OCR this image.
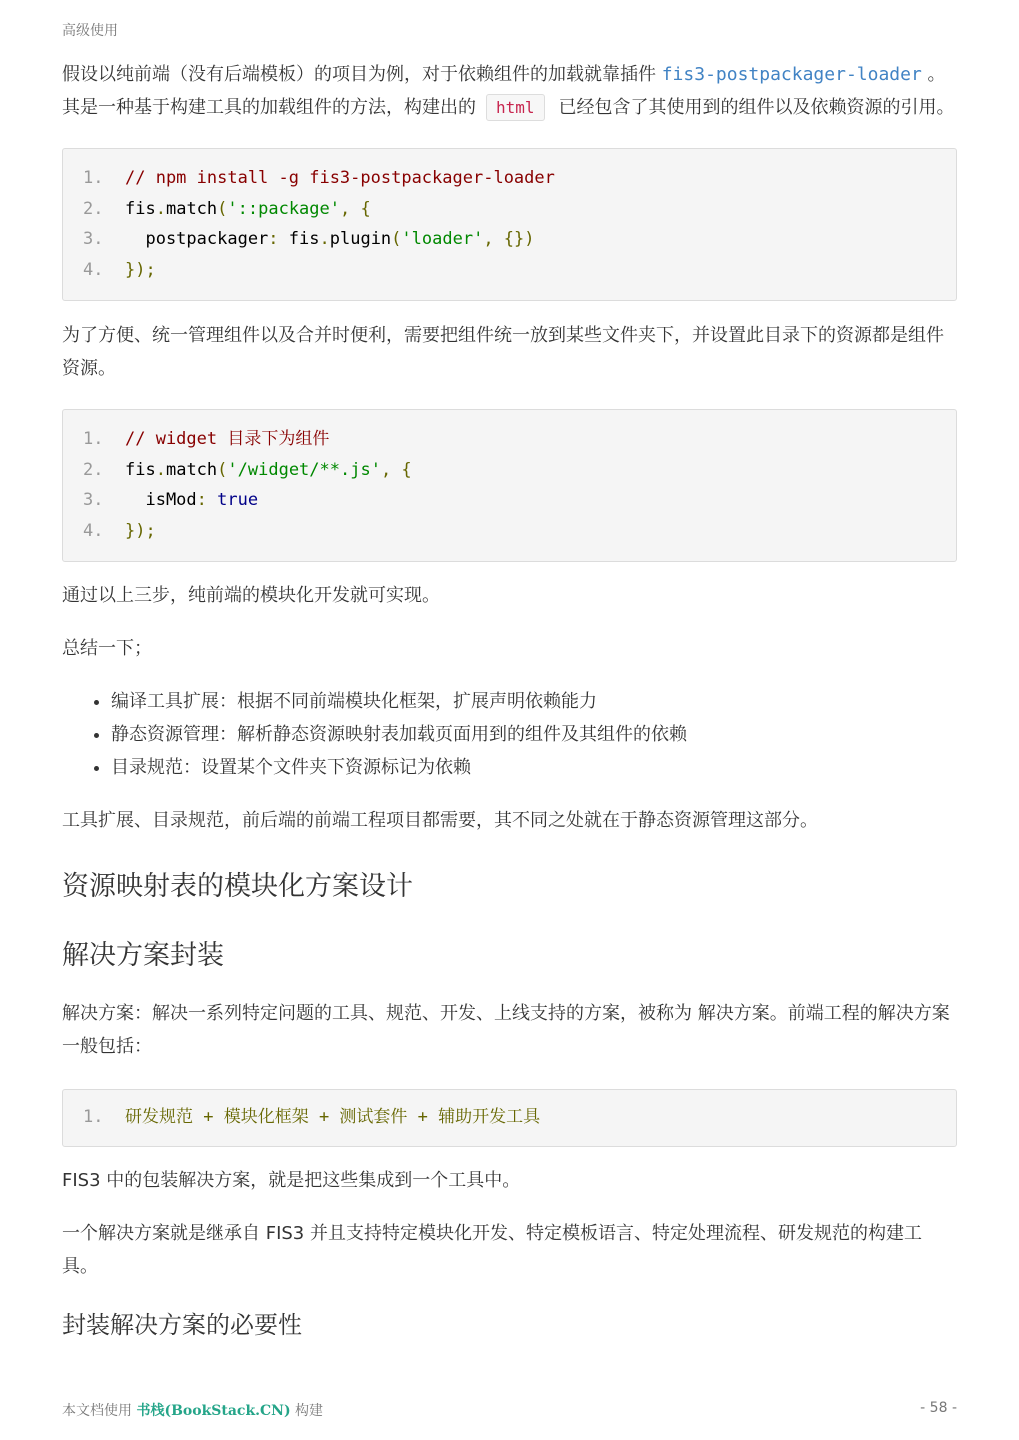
高级使用

假设以纯前端（没有后端模板）的项目为例，对于依赖组件的加载就靠插件 fis3-postpackager-loader 。其是一种基于构建工具的加载组件的方法，构建出的 html 已经包含了其使用到的组件以及依赖资源的引用。

1. // npm install -g fis3-postpackager-loader
2. fis.match('::package', {
3.  postpackager: fis.plugin('loader', {})
4. });

为了方便、统一管理组件以及合并时便利，需要把组件统一放到某些文件夹下，并设置此目录下的资源都是组件资源。

1. // widget 目录下为组件
2. fis.match('/widget/**.js', {
3.  isMod: true
4. });

通过以上三步，纯前端的模块化开发就可实现。

总结一下；

• 编译工具扩展：根据不同前端模块化框架，扩展声明依赖能力
• 静态资源管理：解析静态资源映射表加载页面用到的组件及其组件的依赖
• 目录规范：设置某个文件夹下资源标记为依赖

工具扩展、目录规范，前后端的前端工程项目都需要，其不同之处就在于静态资源管理这部分。

资源映射表的模块化方案设计
解决方案封装

解决方案：解决一系列特定问题的工具、规范、开发、上线支持的方案，被称为 解决方案。前端工程的解决方案一般包括：

1. 研发规范 + 模块化框架 + 测试套件 + 辅助开发工具

FIS3 中的包装解决方案，就是把这些集成到一个工具中。

一个解决方案就是继承自 FIS3 并且支持特定模块化开发、特定模板语言、特定处理流程、研发规范的构建工具。

封装解决方案的必要性
本文档使用 书栈(BookStack.CN) 构建	- 58 -
